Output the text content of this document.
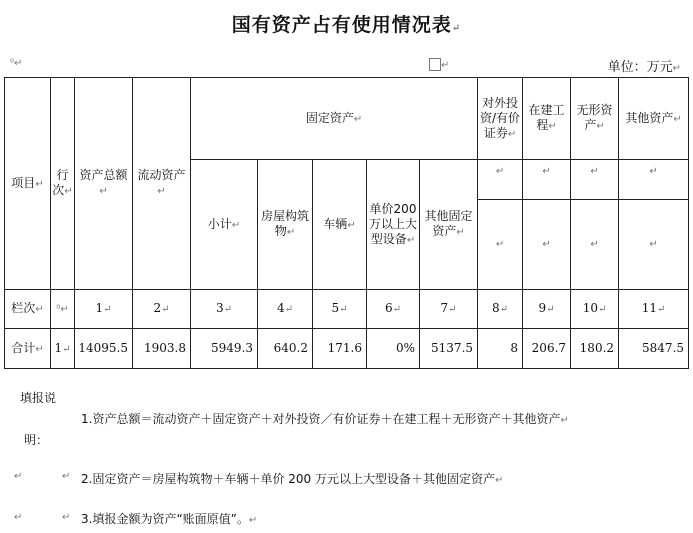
国有资产占有使用情况表↵
⁰↵	↵	单位：万元↵
项目↵	行次↵	资产总额↵	流动资产↵	固定资产↵					对外投资/有价证券↵	在建工程↵	无形资产↵	其他资产↵
				小计↵	房屋构筑物↵	车辆↵	单价200万以上大型设备↵	其他固定资产↵	↵	↵	↵	↵
									↵	↵	↵	↵
栏次↵	⁰↵	1↵	2↵	3↵	4↵	5↵	6↵	7↵	8↵	9↵	10↵	11↵
合计↵	1↵	14095.5	1903.8	5949.3	640.2	171.6	0%	5137.5	8	206.7	180.2	5847.5
填报说
1.资产总额＝流动资产＋固定资产＋对外投资／有价证券＋在建工程＋无形资产＋其他资产↵
明：
↵	↵ 2.固定资产＝房屋构筑物＋车辆＋单价 200 万元以上大型设备＋其他固定资产↵
↵	↵ 3.填报金额为资产“账面原值”。↵
